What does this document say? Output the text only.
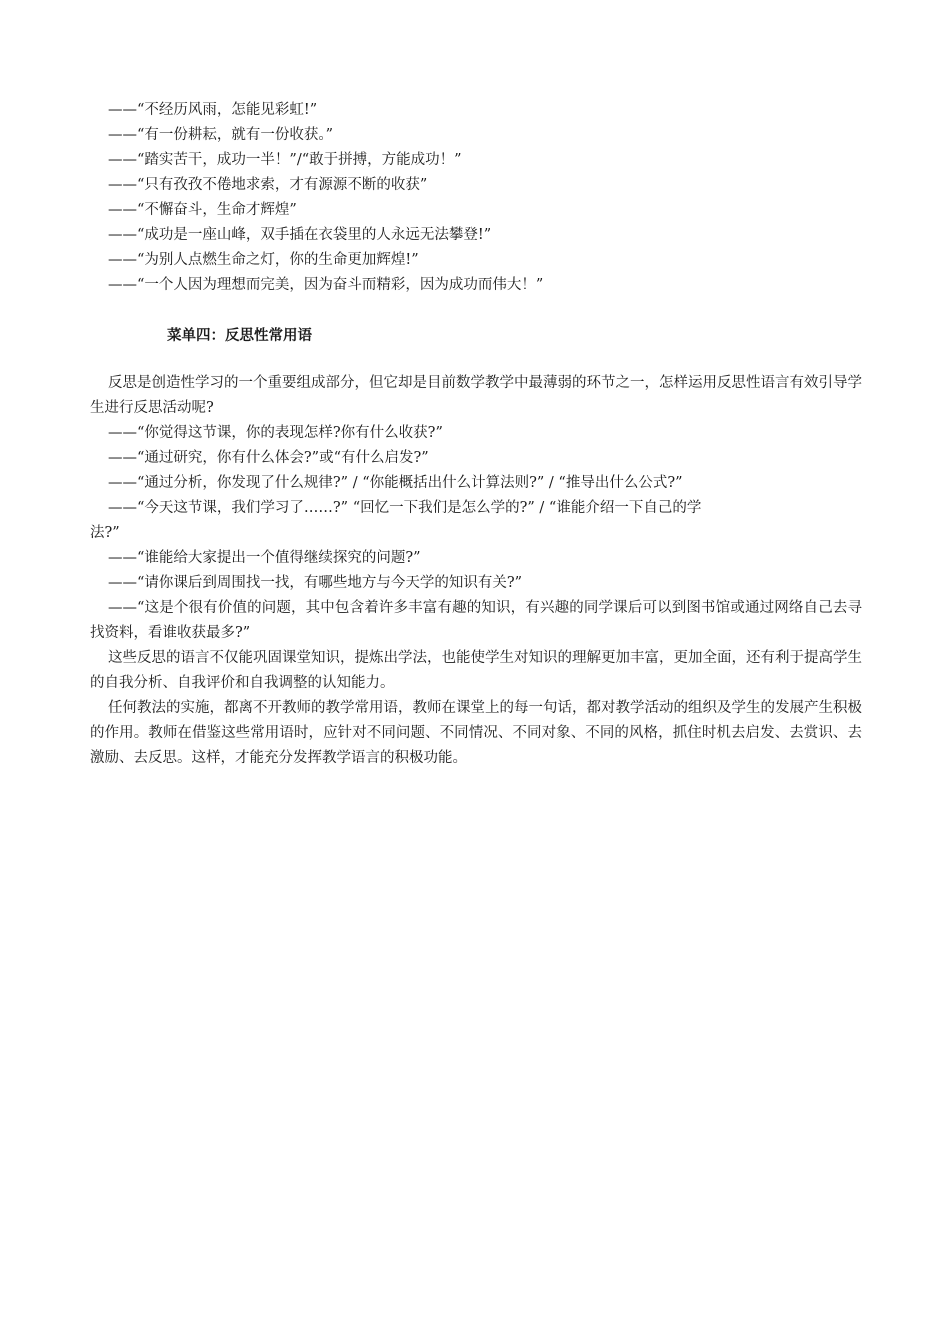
——“不经历风雨，怎能见彩虹!”

——“有一份耕耘，就有一份收获。”

——“踏实苦干，成功一半！”/“敢于拼搏，方能成功！”

——“只有孜孜不倦地求索，才有源源不断的收获”

——“不懈奋斗，生命才辉煌”

——“成功是一座山峰，双手插在衣袋里的人永远无法攀登!”

——“为别人点燃生命之灯，你的生命更加辉煌!”

——“一个人因为理想而完美，因为奋斗而精彩，因为成功而伟大！”

菜单四：反思性常用语

反思是创造性学习的一个重要组成部分，但它却是目前数学教学中最薄弱的环节之一，怎样运用反思性语言有效引导学生进行反思活动呢?

——“你觉得这节课，你的表现怎样?你有什么收获?”

——“通过研究，你有什么体会?”或“有什么启发?”

——“通过分析，你发现了什么规律?” / “你能概括出什么计算法则?” / “推导出什么公式?”

——“今天这节课，我们学习了……?” “回忆一下我们是怎么学的?” / “谁能介绍一下自己的学

法?”

——“谁能给大家提出一个值得继续探究的问题?”

——“请你课后到周围找一找，有哪些地方与今天学的知识有关?”

——“这是个很有价值的问题，其中包含着许多丰富有趣的知识，有兴趣的同学课后可以到图书馆或通过网络自己去寻找资料，看谁收获最多?”

这些反思的语言不仅能巩固课堂知识，提炼出学法，也能使学生对知识的理解更加丰富，更加全面，还有利于提高学生的自我分析、自我评价和自我调整的认知能力。

任何教法的实施，都离不开教师的教学常用语，教师在课堂上的每一句话，都对教学活动的组织及学生的发展产生积极的作用。教师在借鉴这些常用语时，应针对不同问题、不同情况、不同对象、不同的风格，抓住时机去启发、去赏识、去激励、去反思。这样，才能充分发挥教学语言的积极功能。
